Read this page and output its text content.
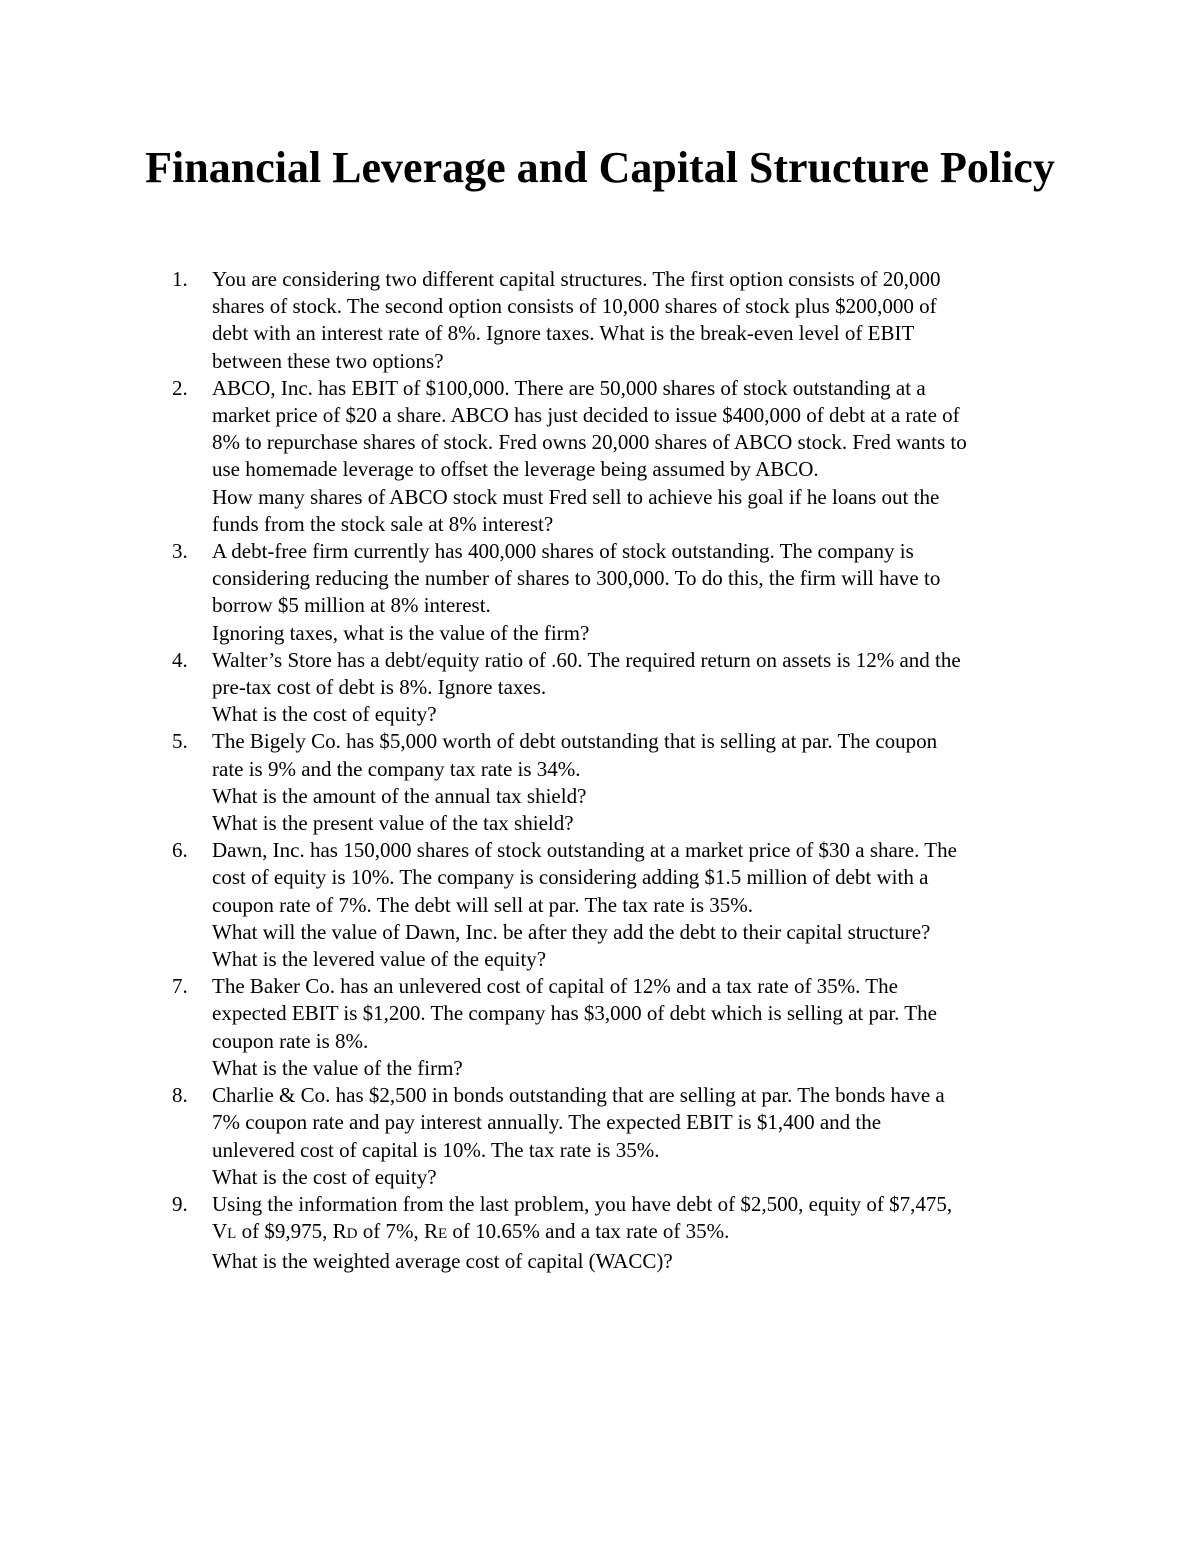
Financial Leverage and Capital Structure Policy
1. You are considering two different capital structures. The first option consists of 20,000
shares of stock. The second option consists of 10,000 shares of stock plus $200,000 of
debt with an interest rate of 8%. Ignore taxes. What is the break-even level of EBIT
between these two options?
2. ABCO, Inc. has EBIT of $100,000. There are 50,000 shares of stock outstanding at a
market price of $20 a share. ABCO has just decided to issue $400,000 of debt at a rate of
8% to repurchase shares of stock. Fred owns 20,000 shares of ABCO stock. Fred wants to
use homemade leverage to offset the leverage being assumed by ABCO.
How many shares of ABCO stock must Fred sell to achieve his goal if he loans out the
funds from the stock sale at 8% interest?
3. A debt-free firm currently has 400,000 shares of stock outstanding. The company is
considering reducing the number of shares to 300,000. To do this, the firm will have to
borrow $5 million at 8% interest.
Ignoring taxes, what is the value of the firm?
4. Walter’s Store has a debt/equity ratio of .60. The required return on assets is 12% and the
pre-tax cost of debt is 8%. Ignore taxes.
What is the cost of equity?
5. The Bigely Co. has $5,000 worth of debt outstanding that is selling at par. The coupon
rate is 9% and the company tax rate is 34%.
What is the amount of the annual tax shield?
What is the present value of the tax shield?
6. Dawn, Inc. has 150,000 shares of stock outstanding at a market price of $30 a share. The
cost of equity is 10%. The company is considering adding $1.5 million of debt with a
coupon rate of 7%. The debt will sell at par. The tax rate is 35%.
What will the value of Dawn, Inc. be after they add the debt to their capital structure?
What is the levered value of the equity?
7. The Baker Co. has an unlevered cost of capital of 12% and a tax rate of 35%. The
expected EBIT is $1,200. The company has $3,000 of debt which is selling at par. The
coupon rate is 8%.
What is the value of the firm?
8. Charlie & Co. has $2,500 in bonds outstanding that are selling at par. The bonds have a
7% coupon rate and pay interest annually. The expected EBIT is $1,400 and the
unlevered cost of capital is 10%. The tax rate is 35%.
What is the cost of equity?
9. Using the information from the last problem, you have debt of $2,500, equity of $7,475,
VL of $9,975, RD of 7%, RE of 10.65% and a tax rate of 35%.
What is the weighted average cost of capital (WACC)?
